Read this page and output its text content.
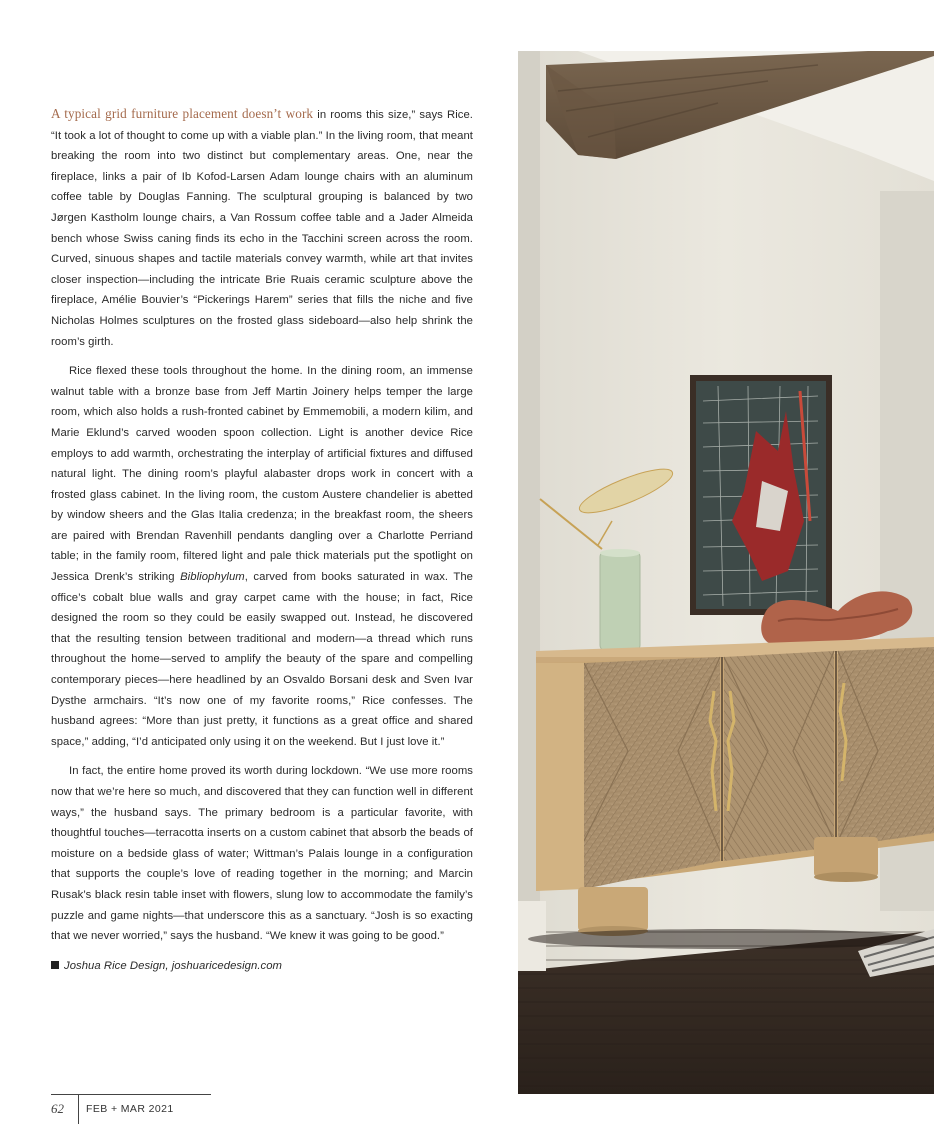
A typical grid furniture placement doesn’t work in rooms this size,” says Rice. “It took a lot of thought to come up with a viable plan.” In the living room, that meant breaking the room into two distinct but complementary areas. One, near the fireplace, links a pair of Ib Kofod-Larsen Adam lounge chairs with an aluminum coffee table by Douglas Fanning. The sculptural grouping is balanced by two Jørgen Kastholm lounge chairs, a Van Rossum coffee table and a Jader Almeida bench whose Swiss caning finds its echo in the Tacchini screen across the room. Curved, sinuous shapes and tactile materials convey warmth, while art that invites closer inspection—including the intricate Brie Ruais ceramic sculpture above the fireplace, Amélie Bouvier’s “Pickerings Harem” series that fills the niche and five Nicholas Holmes sculptures on the frosted glass sideboard—also help shrink the room’s girth.

Rice flexed these tools throughout the home. In the dining room, an immense walnut table with a bronze base from Jeff Martin Joinery helps temper the large room, which also holds a rush-fronted cabinet by Emmemobili, a modern kilim, and Marie Eklund’s carved wooden spoon collection. Light is another device Rice employs to add warmth, orchestrating the interplay of artificial fixtures and diffused natural light. The dining room’s playful alabaster drops work in concert with a frosted glass cabinet. In the living room, the custom Austere chandelier is abetted by window sheers and the Glas Italia credenza; in the breakfast room, the sheers are paired with Brendan Ravenhill pendants dangling over a Charlotte Perriand table; in the family room, filtered light and pale thick materials put the spotlight on Jessica Drenk’s striking Bibliophylum, carved from books saturated in wax. The office’s cobalt blue walls and gray carpet came with the house; in fact, Rice designed the room so they could be easily swapped out. Instead, he discovered that the resulting tension between traditional and modern—a thread which runs throughout the home—served to amplify the beauty of the spare and compelling contemporary pieces—here headlined by an Osvaldo Borsani desk and Sven Ivar Dysthe armchairs. “It’s now one of my favorite rooms,” Rice confesses. The husband agrees: “More than just pretty, it functions as a great office and shared space,” adding, “I’d anticipated only using it on the weekend. But I just love it.”

In fact, the entire home proved its worth during lockdown. “We use more rooms now that we’re here so much, and discovered that they can function well in different ways,” the husband says. The primary bedroom is a particular favorite, with thoughtful touches—terracotta inserts on a custom cabinet that absorb the beads of moisture on a bedside glass of water; Wittman’s Palais lounge in a configuration that supports the couple’s love of reading together in the morning; and Marcin Rusak’s black resin table inset with flowers, slung low to accommodate the family’s puzzle and game nights—that underscore this as a sanctuary. “Josh is so exacting that we never worried,” says the husband. “We knew it was going to be good.”

Joshua Rice Design, joshuaricedesign.com

62 FEB + MAR 2021
